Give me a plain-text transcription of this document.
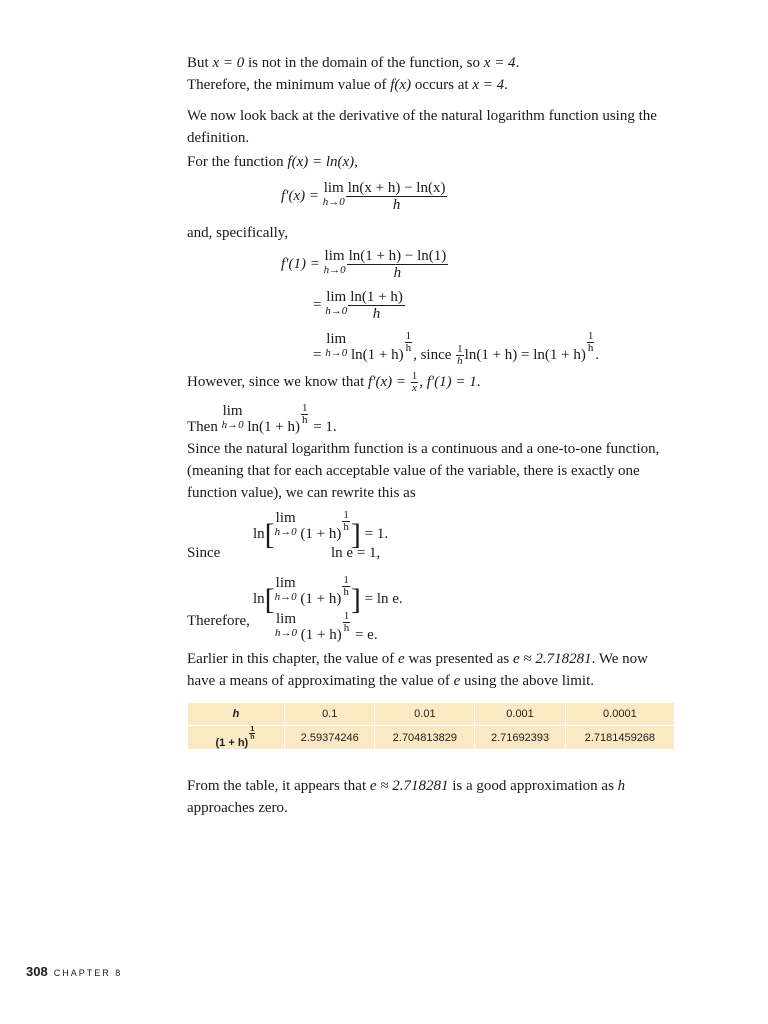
But x = 0 is not in the domain of the function, so x = 4.
Therefore, the minimum value of f(x) occurs at x = 4.
We now look back at the derivative of the natural logarithm function using the definition.
For the function f(x) = ln(x),
f′(x) = lim
$h\to 0 \frac{\ln(x + h) - \ln(x)}{h}$
and, specifically,
f′(1) = lim
$h\to 0 \frac{\ln(1 + h) - \ln(1)}{h}$
= lim
$h\to 0 \frac{\ln(1 + h)}{h}$
= lim
h→0 ln(1 + h)
$\frac{1}{h}$
, since $\frac{1}{h} \ln(1 + h) = \ln(1 + h)$
$\frac{1}{h}$
.
However, since we know that $f'(x) = \frac{1}{x}$ , f′(1) = 1.
Then lim
h→0 ln(1 + h)
$\frac{1}{h}$
= 1.
Since the natural logarithm function is a continuous and a one-to-one function, (meaning that for each acceptable value of the variable, there is exactly one function value), we can rewrite this as
ln[lim
h→0 (1 + h)
$\frac{1}{h}$ ] = 1.
Since	ln e = 1,
ln[lim
h→0 (1 + h)
$\frac{1}{h}$ ] = ln e.
Therefore, lim
h→0 (1 + h)
$\frac{1}{h}$
= e.
Earlier in this chapter, the value of e was presented as e ≈ 2.718281. We now have a means of approximating the value of e using the above limit.
h	0.1	0.01	0.001	0.0001
(1 + h)
$\frac{1}{h}$	2.59374246	2.704813829	2.71692393	2.7181459268
From the table, it appears that e ≈ 2.718281 is a good approximation as h approaches zero.
308 CHAPTER 8
